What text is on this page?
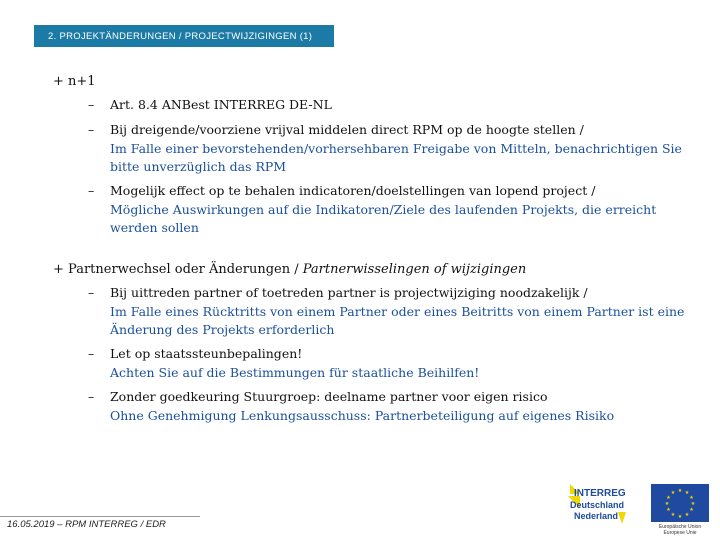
2. PROJEKTÄNDERUNGEN / PROJECTWIJZIGINGEN (1)
+ n+1
– Art. 8.4 ANBest INTERREG DE-NL
– Bij dreigende/voorziene vrijval middelen direct RPM op de hoogte stellen /
Im Falle einer bevorstehenden/vorhersehbaren Freigabe von Mitteln, benachrichtigen Sie bitte unverzüglich das RPM
– Mogelijk effect op te behalen indicatoren/doelstellingen van lopend project /
Mögliche Auswirkungen auf die Indikatoren/Ziele des laufenden Projekts, die erreicht werden sollen
+ Partnerwechsel oder Änderungen / Partnerwisselingen of wijzigingen
– Bij uittreden partner of toetreden partner is projectwijziging noodzakelijk /
Im Falle eines Rücktritts von einem Partner oder eines Beitritts von einem Partner ist eine Änderung des Projekts erforderlich
– Let op staatssteunbepalingen!
Achten Sie auf die Bestimmungen für staatliche Beihilfen!
– Zonder goedkeuring Stuurgroep: deelname partner voor eigen risico
Ohne Genehmigung Lenkungsausschuss: Partnerbeteiligung auf eigenes Risiko
16.05.2019 – RPM INTERREG / EDR
INTERREG
Deutschland
Nederland
★ ★
★
★
★
★
★
★
★
★
★
★
Europäische Union Europese Unie
